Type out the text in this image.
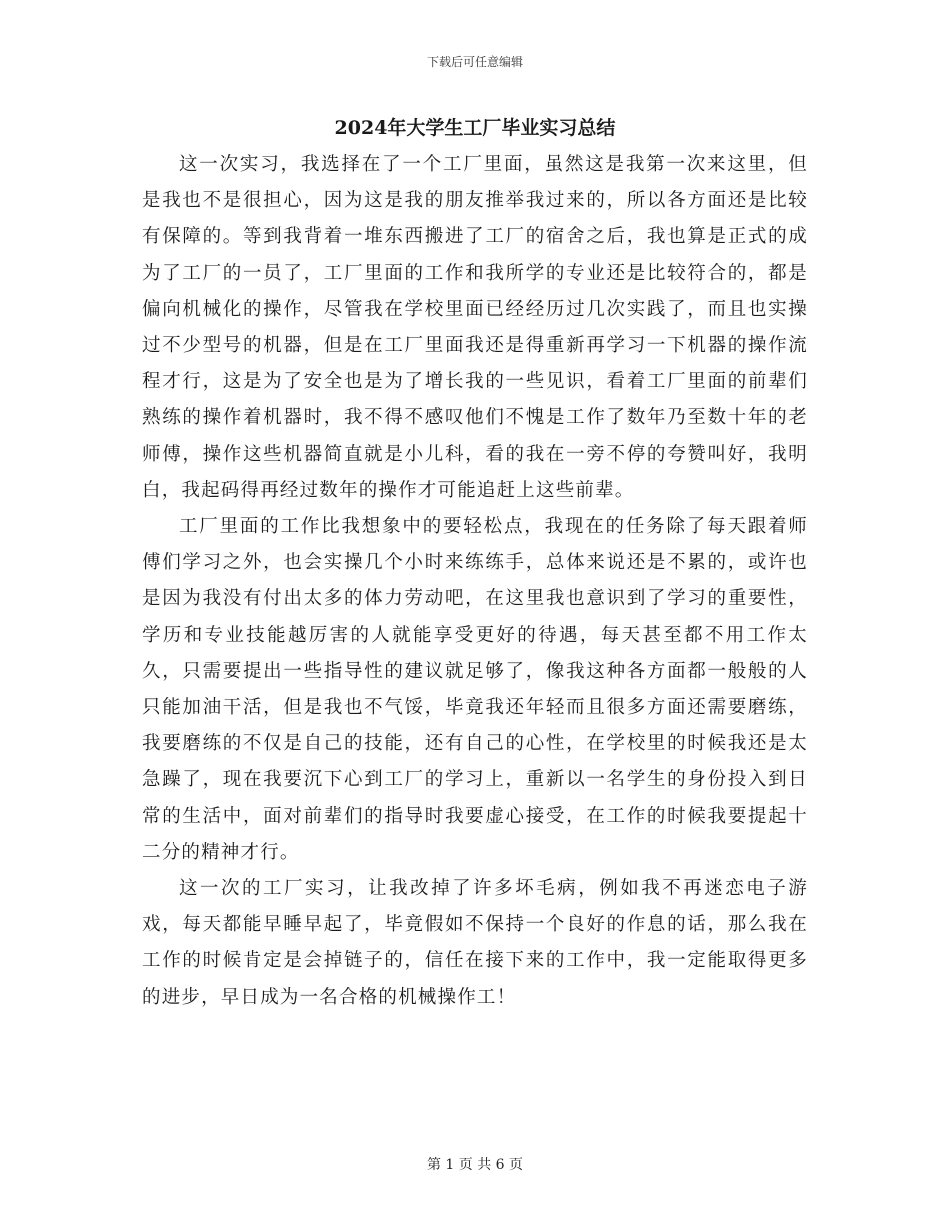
下载后可任意编辑
2024年大学生工厂毕业实习总结

这一次实习，我选择在了一个工厂里面，虽然这是我第一次来这里，但是我也不是很担心，因为这是我的朋友推举我过来的，所以各方面还是比较有保障的。等到我背着一堆东西搬进了工厂的宿舍之后，我也算是正式的成为了工厂的一员了，工厂里面的工作和我所学的专业还是比较符合的，都是偏向机械化的操作，尽管我在学校里面已经经历过几次实践了，而且也实操过不少型号的机器，但是在工厂里面我还是得重新再学习一下机器的操作流程才行，这是为了安全也是为了增长我的一些见识，看着工厂里面的前辈们熟练的操作着机器时，我不得不感叹他们不愧是工作了数年乃至数十年的老师傅，操作这些机器简直就是小儿科，看的我在一旁不停的夸赞叫好，我明白，我起码得再经过数年的操作才可能追赶上这些前辈。

工厂里面的工作比我想象中的要轻松点，我现在的任务除了每天跟着师傅们学习之外，也会实操几个小时来练练手，总体来说还是不累的，或许也是因为我没有付出太多的体力劳动吧，在这里我也意识到了学习的重要性，学历和专业技能越厉害的人就能享受更好的待遇，每天甚至都不用工作太久，只需要提出一些指导性的建议就足够了，像我这种各方面都一般般的人只能加油干活，但是我也不气馁，毕竟我还年轻而且很多方面还需要磨练，我要磨练的不仅是自己的技能，还有自己的心性，在学校里的时候我还是太急躁了，现在我要沉下心到工厂的学习上，重新以一名学生的身份投入到日常的生活中，面对前辈们的指导时我要虚心接受，在工作的时候我要提起十二分的精神才行。

这一次的工厂实习，让我改掉了许多坏毛病，例如我不再迷恋电子游戏，每天都能早睡早起了，毕竟假如不保持一个良好的作息的话，那么我在工作的时候肯定是会掉链子的，信任在接下来的工作中，我一定能取得更多的进步，早日成为一名合格的机械操作工！

第 1 页 共 6 页
